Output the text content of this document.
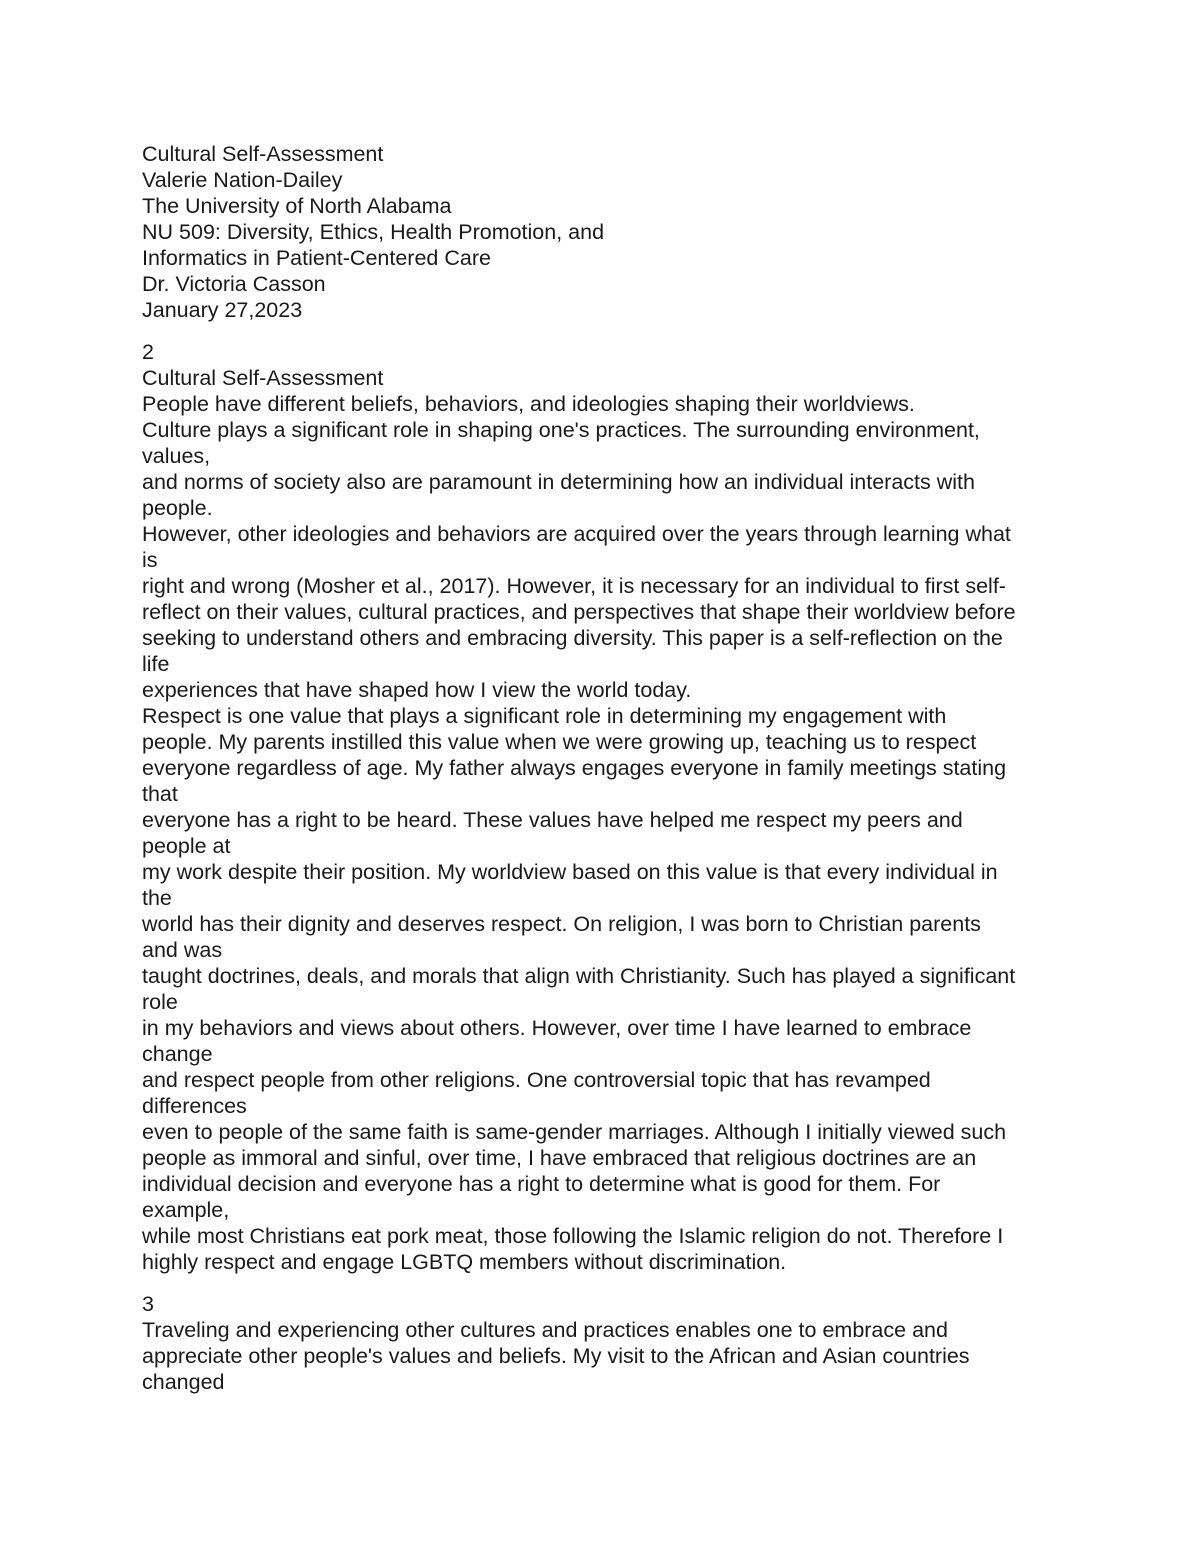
Cultural Self-Assessment
Valerie Nation-Dailey
The University of North Alabama
NU 509: Diversity, Ethics, Health Promotion, and
Informatics in Patient-Centered Care
Dr. Victoria Casson
January 27,2023
2
Cultural Self-Assessment
People have different beliefs, behaviors, and ideologies shaping their worldviews.
Culture plays a significant role in shaping one's practices. The surrounding environment,
values,
and norms of society also are paramount in determining how an individual interacts with
people.
However, other ideologies and behaviors are acquired over the years through learning what
is
right and wrong (Mosher et al., 2017). However, it is necessary for an individual to first self-
reflect on their values, cultural practices, and perspectives that shape their worldview before
seeking to understand others and embracing diversity. This paper is a self-reflection on the
life
experiences that have shaped how I view the world today.
Respect is one value that plays a significant role in determining my engagement with
people. My parents instilled this value when we were growing up, teaching us to respect
everyone regardless of age. My father always engages everyone in family meetings stating
that
everyone has a right to be heard. These values have helped me respect my peers and
people at
my work despite their position. My worldview based on this value is that every individual in
the
world has their dignity and deserves respect. On religion, I was born to Christian parents
and was
taught doctrines, deals, and morals that align with Christianity. Such has played a significant
role
in my behaviors and views about others. However, over time I have learned to embrace
change
and respect people from other religions. One controversial topic that has revamped
differences
even to people of the same faith is same-gender marriages. Although I initially viewed such
people as immoral and sinful, over time, I have embraced that religious doctrines are an
individual decision and everyone has a right to determine what is good for them. For
example,
while most Christians eat pork meat, those following the Islamic religion do not. Therefore I
highly respect and engage LGBTQ members without discrimination.
3
Traveling and experiencing other cultures and practices enables one to embrace and
appreciate other people's values and beliefs. My visit to the African and Asian countries
changed
